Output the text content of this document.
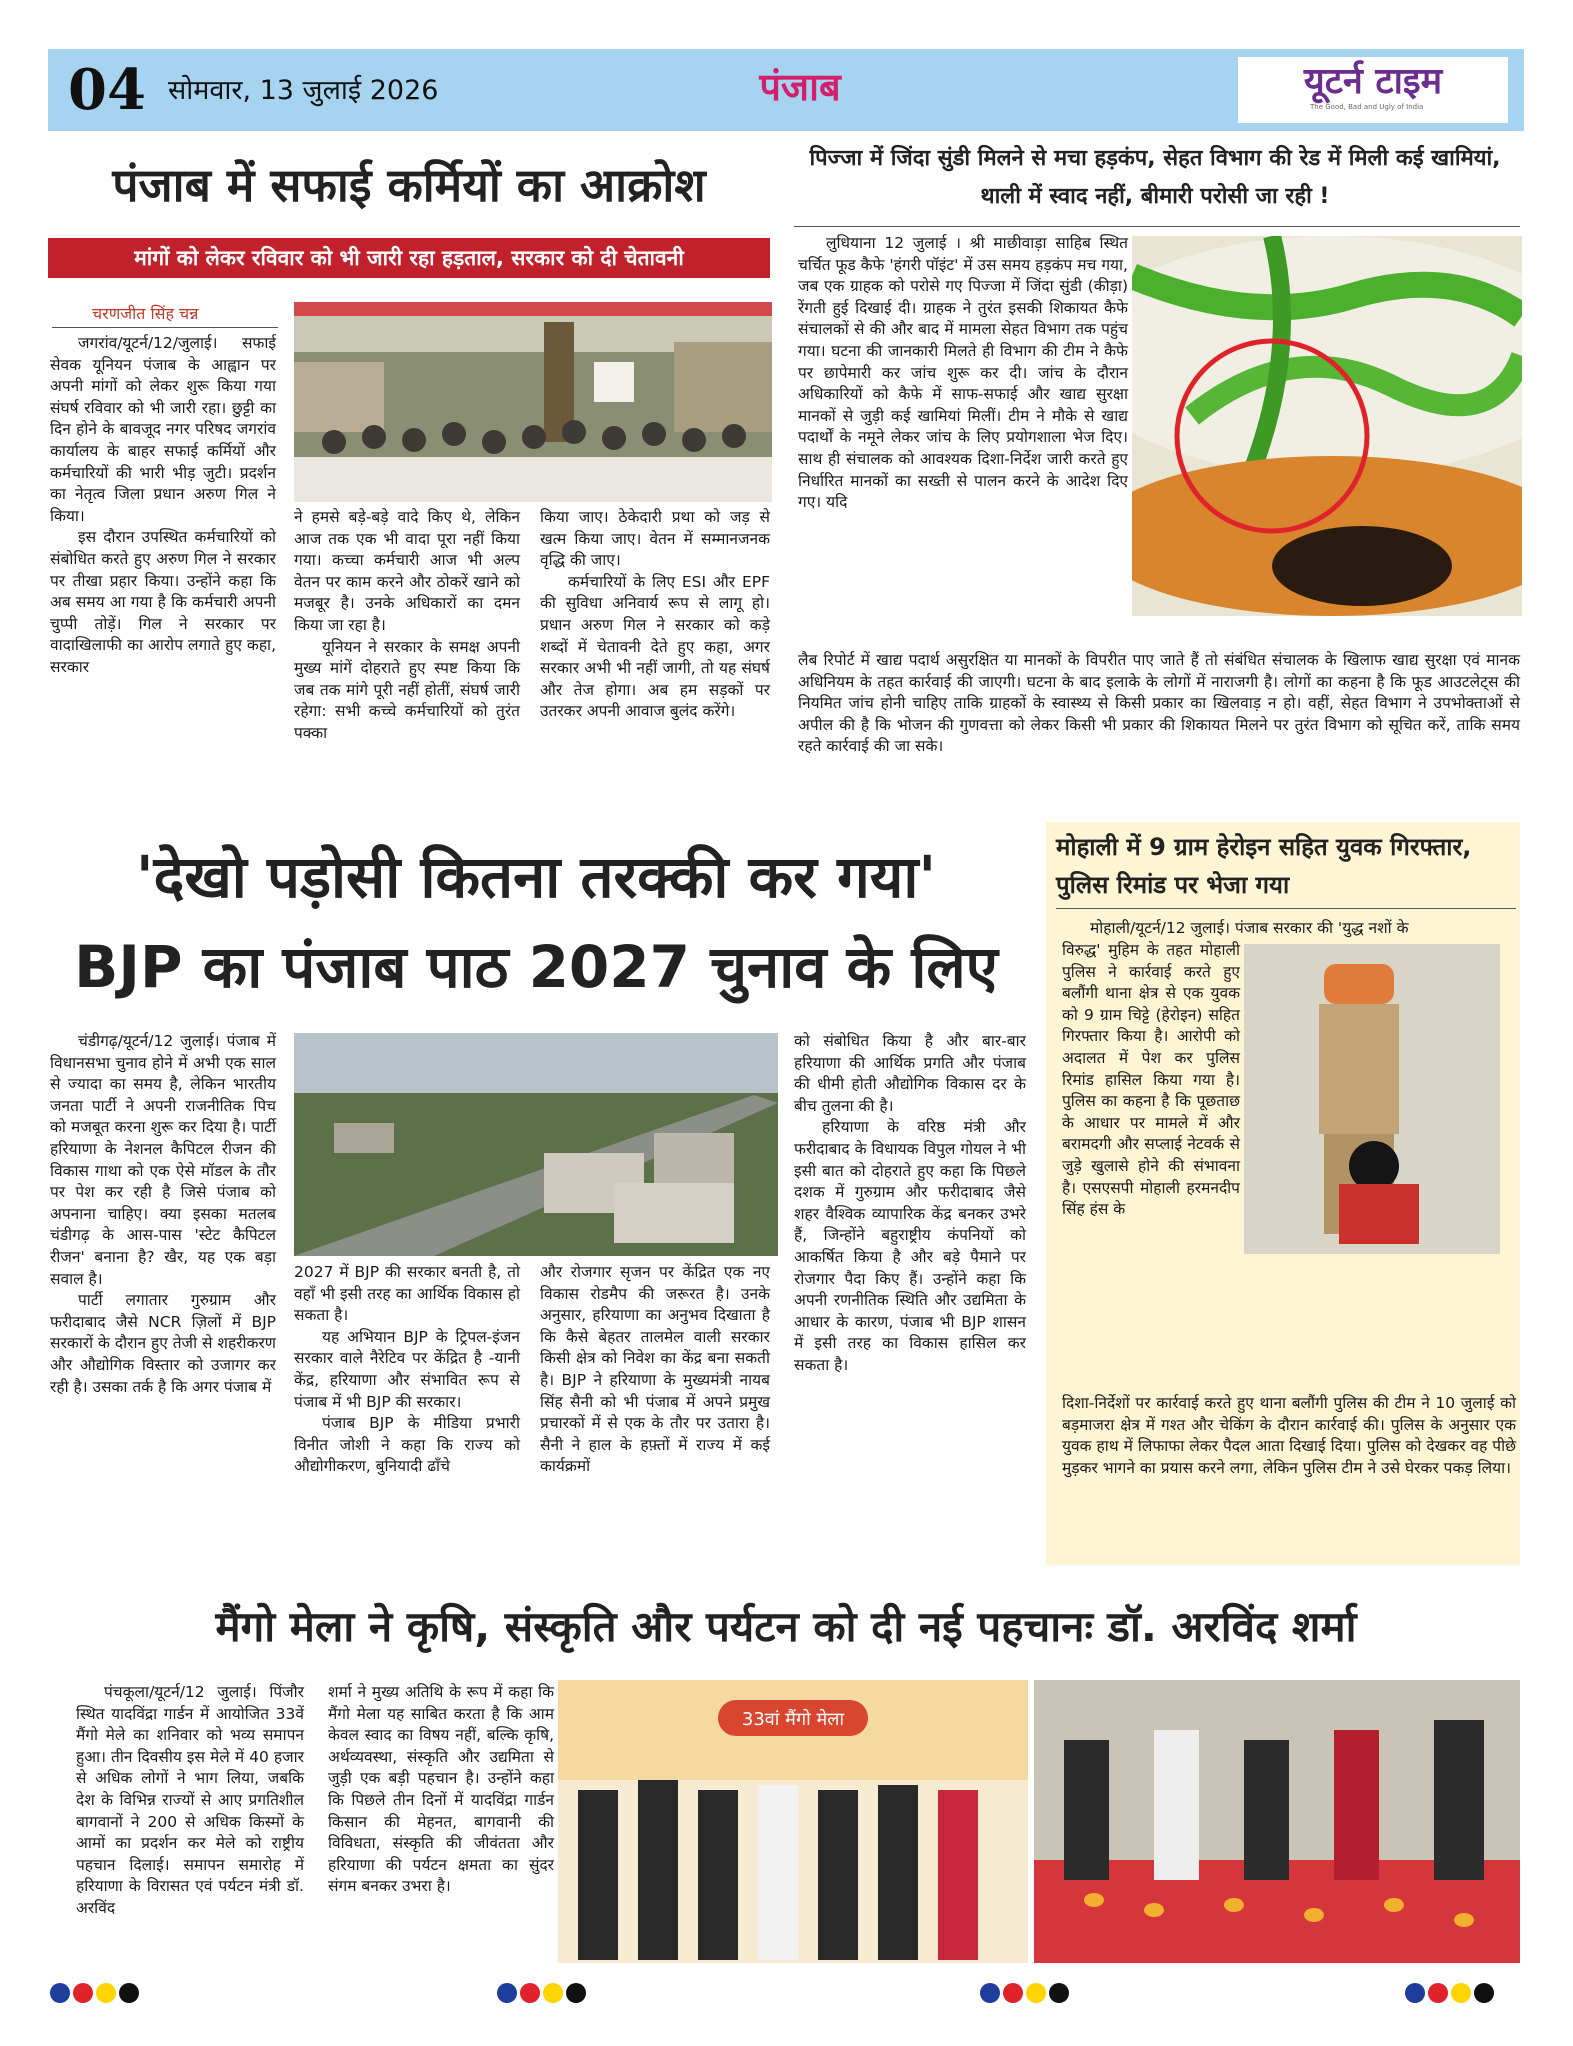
04 सोमवार, 13 जुलाई 2026	पंजाब	यूटर्न टाइम
The Good, Bad and Ugly of India
पंजाब में सफाई कर्मियों का आक्रोश
मांगों को लेकर रविवार को भी जारी रहा हड़ताल, सरकार को दी चेतावनी
चरणजीत सिंह चन्न

जगरांव/यूटर्न/12/जुलाई। सफाई सेवक यूनियन पंजाब के आह्वान पर अपनी मांगों को लेकर शुरू किया गया संघर्ष रविवार को भी जारी रहा। छुट्टी का दिन होने के बावजूद नगर परिषद जगरांव कार्यालय के बाहर सफाई कर्मियों और कर्मचारियों की भारी भीड़ जुटी। प्रदर्शन का नेतृत्व जिला प्रधान अरुण गिल ने किया।

इस दौरान उपस्थित कर्मचारियों को संबोधित करते हुए अरुण गिल ने सरकार पर तीखा प्रहार किया। उन्होंने कहा कि अब समय आ गया है कि कर्मचारी अपनी चुप्पी तोड़ें। गिल ने सरकार पर वादाखिलाफी का आरोप लगाते हुए कहा, सरकार

ने हमसे बड़े-बड़े वादे किए थे, लेकिन आज तक एक भी वादा पूरा नहीं किया गया। कच्चा कर्मचारी आज भी अल्प वेतन पर काम करने और ठोकरें खाने को मजबूर है। उनके अधिकारों का दमन किया जा रहा है।

यूनियन ने सरकार के समक्ष अपनी मुख्य मांगें दोहराते हुए स्पष्ट किया कि जब तक मांगे पूरी नहीं होतीं, संघर्ष जारी रहेगा: सभी कच्चे कर्मचारियों को तुरंत पक्का

किया जाए। ठेकेदारी प्रथा को जड़ से खत्म किया जाए। वेतन में सम्मानजनक वृद्धि की जाए।

कर्मचारियों के लिए ESI और EPF की सुविधा अनिवार्य रूप से लागू हो। प्रधान अरुण गिल ने सरकार को कड़े शब्दों में चेतावनी देते हुए कहा, अगर सरकार अभी भी नहीं जागी, तो यह संघर्ष और तेज होगा। अब हम सड़कों पर उतरकर अपनी आवाज बुलंद करेंगे।

पिज्जा में जिंदा सुंडी मिलने से मचा हड़कंप, सेहत विभाग की रेड में मिली कई खामियां, थाली में स्वाद नहीं, बीमारी परोसी जा रही !
लुधियाना 12 जुलाई । श्री माछीवाड़ा साहिब स्थित चर्चित फूड कैफे 'हंगरी पॉइंट' में उस समय हड़कंप मच गया, जब एक ग्राहक को परोसे गए पिज्जा में जिंदा सुंडी (कीड़ा) रेंगती हुई दिखाई दी। ग्राहक ने तुरंत इसकी शिकायत कैफे संचालकों से की और बाद में मामला सेहत विभाग तक पहुंच गया। घटना की जानकारी मिलते ही विभाग की टीम ने कैफे पर छापेमारी कर जांच शुरू कर दी। जांच के दौरान अधिकारियों को कैफे में साफ-सफाई और खाद्य सुरक्षा मानकों से जुड़ी कई खामियां मिलीं। टीम ने मौके से खाद्य पदार्थों के नमूने लेकर जांच के लिए प्रयोगशाला भेज दिए। साथ ही संचालक को आवश्यक दिशा-निर्देश जारी करते हुए निर्धारित मानकों का सख्ती से पालन करने के आदेश दिए गए। यदि
लैब रिपोर्ट में खाद्य पदार्थ असुरक्षित या मानकों के विपरीत पाए जाते हैं तो संबंधित संचालक के खिलाफ खाद्य सुरक्षा एवं मानक अधिनियम के तहत कार्रवाई की जाएगी। घटना के बाद इलाके के लोगों में नाराजगी है। लोगों का कहना है कि फूड आउटलेट्स की नियमित जांच होनी चाहिए ताकि ग्राहकों के स्वास्थ्य से किसी प्रकार का खिलवाड़ न हो। वहीं, सेहत विभाग ने उपभोक्ताओं से अपील की है कि भोजन की गुणवत्ता को लेकर किसी भी प्रकार की शिकायत मिलने पर तुरंत विभाग को सूचित करें, ताकि समय रहते कार्रवाई की जा सके।
'देखो पड़ोसी कितना तरक्की कर गया'
BJP का पंजाब पाठ 2027 चुनाव के लिए

चंडीगढ़/यूटर्न/12 जुलाई। पंजाब में विधानसभा चुनाव होने में अभी एक साल से ज्यादा का समय है, लेकिन भारतीय जनता पार्टी ने अपनी राजनीतिक पिच को मजबूत करना शुरू कर दिया है। पार्टी हरियाणा के नेशनल कैपिटल रीजन की विकास गाथा को एक ऐसे मॉडल के तौर पर पेश कर रही है जिसे पंजाब को अपनाना चाहिए। क्या इसका मतलब चंडीगढ़ के आस-पास 'स्टेट कैपिटल रीजन' बनाना है? खैर, यह एक बड़ा सवाल है।

पार्टी लगातार गुरुग्राम और फरीदाबाद जैसे NCR ज़िलों में BJP सरकारों के दौरान हुए तेजी से शहरीकरण और औद्योगिक विस्तार को उजागर कर रही है। उसका तर्क है कि अगर पंजाब में

2027 में BJP की सरकार बनती है, तो वहाँ भी इसी तरह का आर्थिक विकास हो सकता है।

यह अभियान BJP के ट्रिपल-इंजन सरकार वाले नैरेटिव पर केंद्रित है -यानी केंद्र, हरियाणा और संभावित रूप से पंजाब में भी BJP की सरकार।

पंजाब BJP के मीडिया प्रभारी विनीत जोशी ने कहा कि राज्य को औद्योगीकरण, बुनियादी ढाँचे

और रोजगार सृजन पर केंद्रित एक नए विकास रोडमैप की जरूरत है। उनके अनुसार, हरियाणा का अनुभव दिखाता है कि कैसे बेहतर तालमेल वाली सरकार किसी क्षेत्र को निवेश का केंद्र बना सकती है। BJP ने हरियाणा के मुख्यमंत्री नायब सिंह सैनी को भी पंजाब में अपने प्रमुख प्रचारकों में से एक के तौर पर उतारा है। सैनी ने हाल के हफ़्तों में राज्य में कई कार्यक्रमों

को संबोधित किया है और बार-बार हरियाणा की आर्थिक प्रगति और पंजाब की धीमी होती औद्योगिक विकास दर के बीच तुलना की है।

हरियाणा के वरिष्ठ मंत्री और फरीदाबाद के विधायक विपुल गोयल ने भी इसी बात को दोहराते हुए कहा कि पिछले दशक में गुरुग्राम और फरीदाबाद जैसे शहर वैश्विक व्यापारिक केंद्र बनकर उभरे हैं, जिन्होंने बहुराष्ट्रीय कंपनियों को आकर्षित किया है और बड़े पैमाने पर रोजगार पैदा किए हैं। उन्होंने कहा कि अपनी रणनीतिक स्थिति और उद्यमिता के आधार के कारण, पंजाब भी BJP शासन में इसी तरह का विकास हासिल कर सकता है।

मोहाली में 9 ग्राम हेरोइन सहित युवक गिरफ्तार, पुलिस रिमांड पर भेजा गया
मोहाली/यूटर्न/12 जुलाई। पंजाब सरकार की 'युद्ध नशों के
विरुद्ध' मुहिम के तहत मोहाली पुलिस ने कार्रवाई करते हुए बलौंगी थाना क्षेत्र से एक युवक को 9 ग्राम चिट्टे (हेरोइन) सहित गिरफ्तार किया है। आरोपी को अदालत में पेश कर पुलिस रिमांड हासिल किया गया है। पुलिस का कहना है कि पूछताछ के आधार पर मामले में और बरामदगी और सप्लाई नेटवर्क से जुड़े खुलासे होने की संभावना है। एसएसपी मोहाली हरमनदीप सिंह हंस के
दिशा-निर्देशों पर कार्रवाई करते हुए थाना बलौंगी पुलिस की टीम ने 10 जुलाई को बड़माजरा क्षेत्र में गश्त और चेकिंग के दौरान कार्रवाई की। पुलिस के अनुसार एक युवक हाथ में लिफाफा लेकर पैदल आता दिखाई दिया। पुलिस को देखकर वह पीछे मुड़कर भागने का प्रयास करने लगा, लेकिन पुलिस टीम ने उसे घेरकर पकड़ लिया।
मैंगो मेला ने कृषि, संस्कृति और पर्यटन को दी नई पहचानः डॉ. अरविंद शर्मा
पंचकूला/यूटर्न/12 जुलाई। पिंजौर स्थित यादविंद्रा गार्डन में आयोजित 33वें मैंगो मेले का शनिवार को भव्य समापन हुआ। तीन दिवसीय इस मेले में 40 हजार से अधिक लोगों ने भाग लिया, जबकि देश के विभिन्न राज्यों से आए प्रगतिशील बागवानों ने 200 से अधिक किस्मों के आमों का प्रदर्शन कर मेले को राष्ट्रीय पहचान दिलाई। समापन समारोह में हरियाणा के विरासत एवं पर्यटन मंत्री डॉ. अरविंद
शर्मा ने मुख्य अतिथि के रूप में कहा कि मैंगो मेला यह साबित करता है कि आम केवल स्वाद का विषय नहीं, बल्कि कृषि, अर्थव्यवस्था, संस्कृति और उद्यमिता से जुड़ी एक बड़ी पहचान है। उन्होंने कहा कि पिछले तीन दिनों में यादविंद्रा गार्डन किसान की मेहनत, बागवानी की विविधता, संस्कृति की जीवंतता और हरियाणा की पर्यटन क्षमता का सुंदर संगम बनकर उभरा है।
33वां मैंगो मेला
